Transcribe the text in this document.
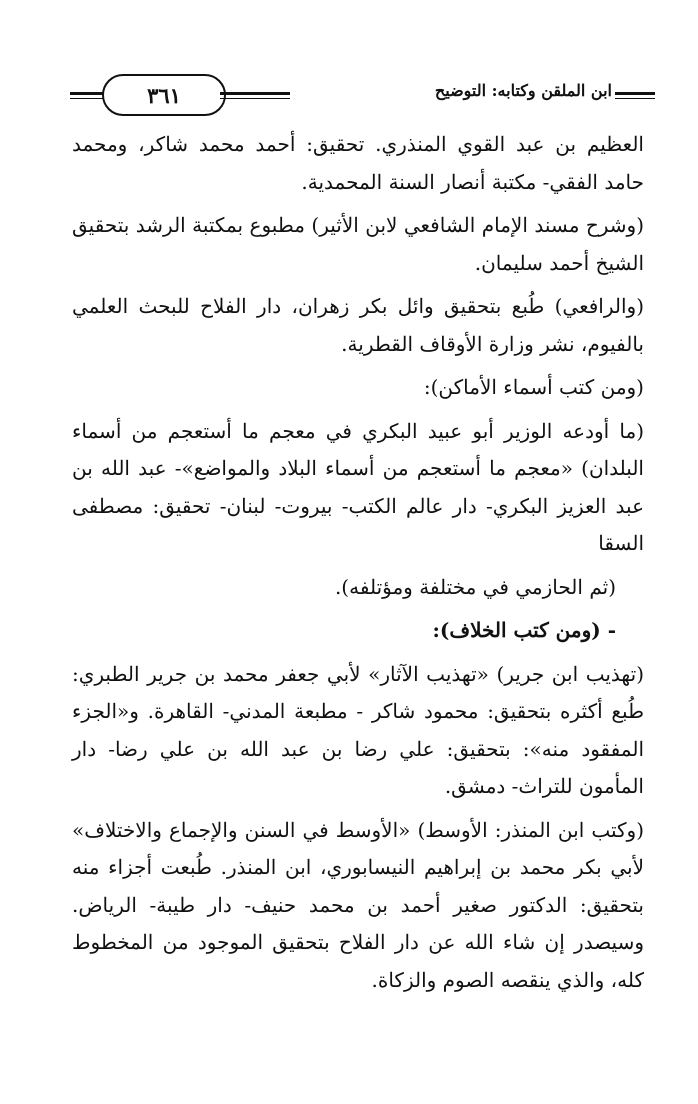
٣٦١	ابن الملقن وكتابه: التوضيح

العظيم بن عبد القوي المنذري. تحقيق: أحمد محمد شاكر، ومحمد حامد الفقي- مكتبة أنصار السنة المحمدية.

(وشرح مسند الإمام الشافعي لابن الأثير) مطبوع بمكتبة الرشد بتحقيق الشيخ أحمد سليمان.

(والرافعي) طُبع بتحقيق وائل بكر زهران، دار الفلاح للبحث العلمي بالفيوم، نشر وزارة الأوقاف القطرية.

(ومن كتب أسماء الأماكن):

(ما أودعه الوزير أبو عبيد البكري في معجم ما أستعجم من أسماء البلدان) «معجم ما أستعجم من أسماء البلاد والمواضع»- عبد الله بن عبد العزيز البكري- دار عالم الكتب- بيروت- لبنان- تحقيق: مصطفى السقا

(ثم الحازمي في مختلفة ومؤتلفه).

- (ومن كتب الخلاف):

(تهذيب ابن جرير) «تهذيب الآثار» لأبي جعفر محمد بن جرير الطبري: طُبع أكثره بتحقيق: محمود شاكر - مطبعة المدني- القاهرة. و«الجزء المفقود منه»: بتحقيق: علي رضا بن عبد الله بن علي رضا- دار المأمون للتراث- دمشق.

(وكتب ابن المنذر: الأوسط) «الأوسط في السنن والإجماع والاختلاف» لأبي بكر محمد بن إبراهيم النيسابوري، ابن المنذر. طُبعت أجزاء منه بتحقيق: الدكتور صغير أحمد بن محمد حنيف- دار طيبة- الرياض. وسيصدر إن شاء الله عن دار الفلاح بتحقيق الموجود من المخطوط كله، والذي ينقصه الصوم والزكاة.
